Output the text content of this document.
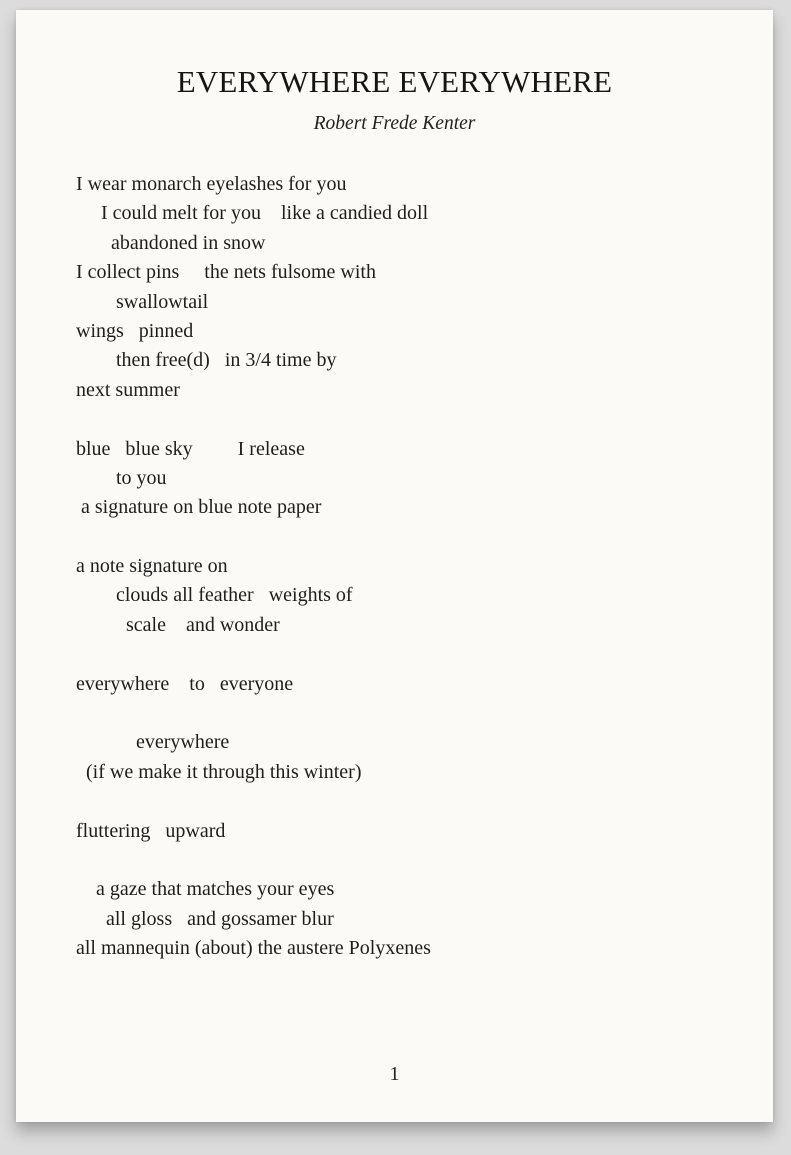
EVERYWHERE EVERYWHERE
Robert Frede Kenter
I wear monarch eyelashes for you
I could melt for you    like a candied doll
abandoned in snow
I collect pins     the nets fulsome with
swallowtail
wings   pinned
then free(d)   in 3/4 time by
next summer
blue   blue sky         I release
to you
a signature on blue note paper
a note signature on
clouds all feather   weights of
scale    and wonder
everywhere    to   everyone
everywhere
(if we make it through this winter)
fluttering   upward
a gaze that matches your eyes
all gloss   and gossamer blur
all mannequin (about) the austere Polyxenes
1
